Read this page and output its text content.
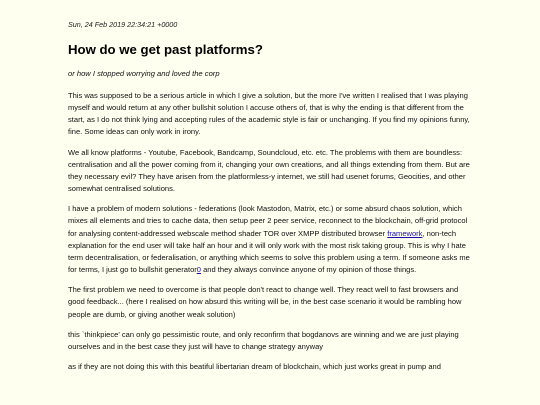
Sun, 24 Feb 2019 22:34:21 +0000
How do we get past platforms?
or how I stopped worrying and loved the corp

This was supposed to be a serious article in which I give a solution, but the more I've written I realised that I was playing myself and would return at any other bullshit solution I accuse others of, that is why the ending is that different from the start, as I do not think lying and accepting rules of the academic style is fair or unchanging. If you find my opinions funny, fine. Some ideas can only work in irony.

We all know platforms - Youtube, Facebook, Bandcamp, Soundcloud, etc. etc. The problems with them are boundless: centralisation and all the power coming from it, changing your own creations, and all things extending from them. But are they necessary evil? They have arisen from the platformless-y internet, we still had usenet forums, Geocities, and other somewhat centralised solutions.

I have a problem of modern solutions - federations (look Mastodon, Matrix, etc.) or some absurd chaos solution, which mixes all elements and tries to cache data, then setup peer 2 peer service, reconnect to the blockchain, off-grid protocol for analysing content-addressed webscale method shader TOR over XMPP distributed browser framework, non-tech explanation for the end user will take half an hour and it will only work with the most risk taking group. This is why I hate term decentralisation, or federalisation, or anything which seems to solve this problem using a term. If someone asks me for terms, I just go to bullshit generator0 and they always convince anyone of my opinion of those things.

The first problem we need to overcome is that people don't react to change well. They react well to fast browsers and good feedback... (here I realised on how absurd this writing will be, in the best case scenario it would be rambling how people are dumb, or giving another weak solution)

this `thinkpiece' can only go pessimistic route, and only reconfirm that bogdanovs are winning and we are just playing ourselves and in the best case they just will have to change strategy anyway

as if they are not doing this with this beatiful libertarian dream of blockchain, which just works great in pump and
